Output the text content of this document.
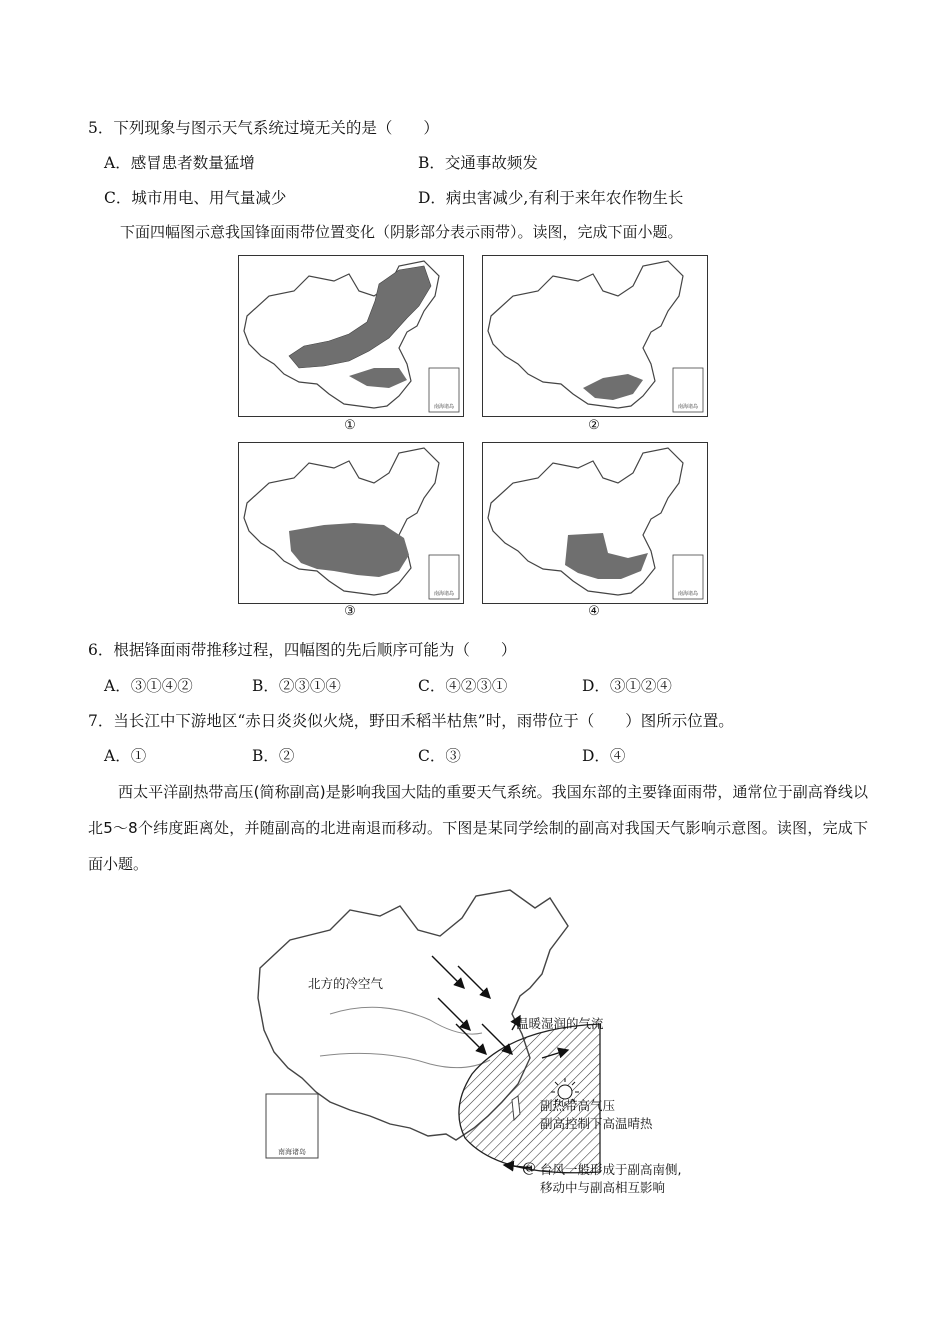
5．下列现象与图示天气系统过境无关的是（　　）
A．感冒患者数量猛增	B．交通事故频发
C．城市用电、用气量减少	D．病虫害减少,有利于来年农作物生长
下面四幅图示意我国锋面雨带位置变化（阴影部分表示雨带）。读图，完成下面小题。
南海诸岛
①
南海诸岛
②
南海诸岛
③
南海诸岛
④
6．根据锋面雨带推移过程，四幅图的先后顺序可能为（　　）
A．③①④②	B．②③①④	C．④②③①	D．③①②④
7．当长江中下游地区“赤日炎炎似火烧，野田禾稻半枯焦”时，雨带位于（　　）图所示位置。
A．①	B．②	C．③	D．④
西太平洋副热带高压(简称副高)是影响我国大陆的重要天气系统。我国东部的主要锋面雨带，通常位于副高脊线以北5～8个纬度距离处，并随副高的北进南退而移动。下图是某同学绘制的副高对我国天气影响示意图。读图，完成下面小题。
@
南海诸岛
北方的冷空气
温暖湿润的气流
副热带高气压
副高控制下高温晴热
台风一般形成于副高南侧,
移动中与副高相互影响
